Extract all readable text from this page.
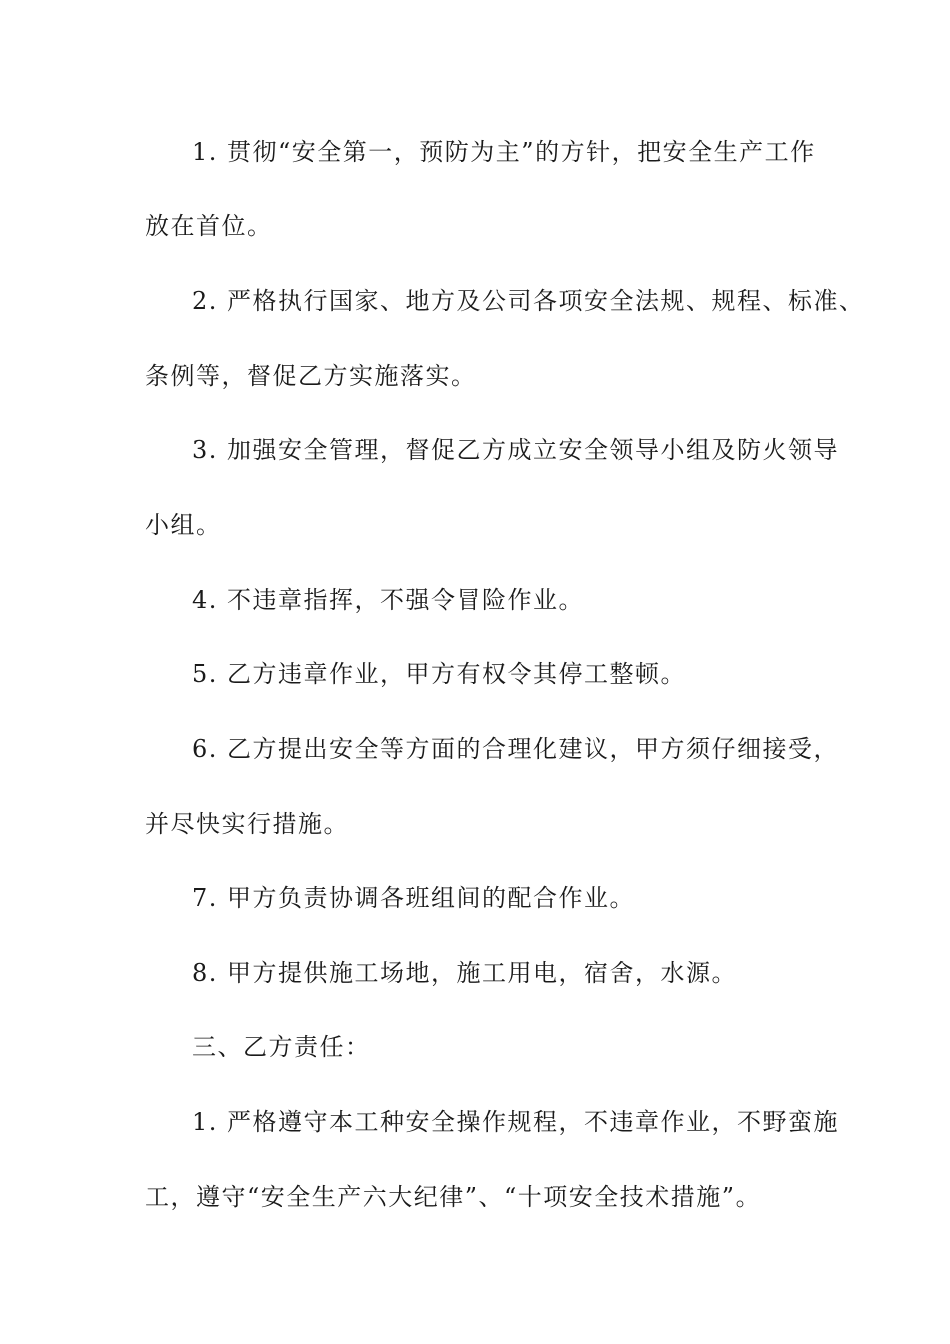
1. 贯彻“安全第一，预防为主”的方针，把安全生产工作
放在首位。
2. 严格执行国家、地方及公司各项安全法规、规程、标准、
条例等，督促乙方实施落实。
3. 加强安全管理，督促乙方成立安全领导小组及防火领导
小组。
4. 不违章指挥，不强令冒险作业。
5. 乙方违章作业，甲方有权令其停工整顿。
6. 乙方提出安全等方面的合理化建议，甲方须仔细接受，
并尽快实行措施。
7. 甲方负责协调各班组间的配合作业。
8. 甲方提供施工场地，施工用电，宿舍，水源。
三、乙方责任：
1. 严格遵守本工种安全操作规程，不违章作业，不野蛮施
工，遵守“安全生产六大纪律”、“十项安全技术措施”。
